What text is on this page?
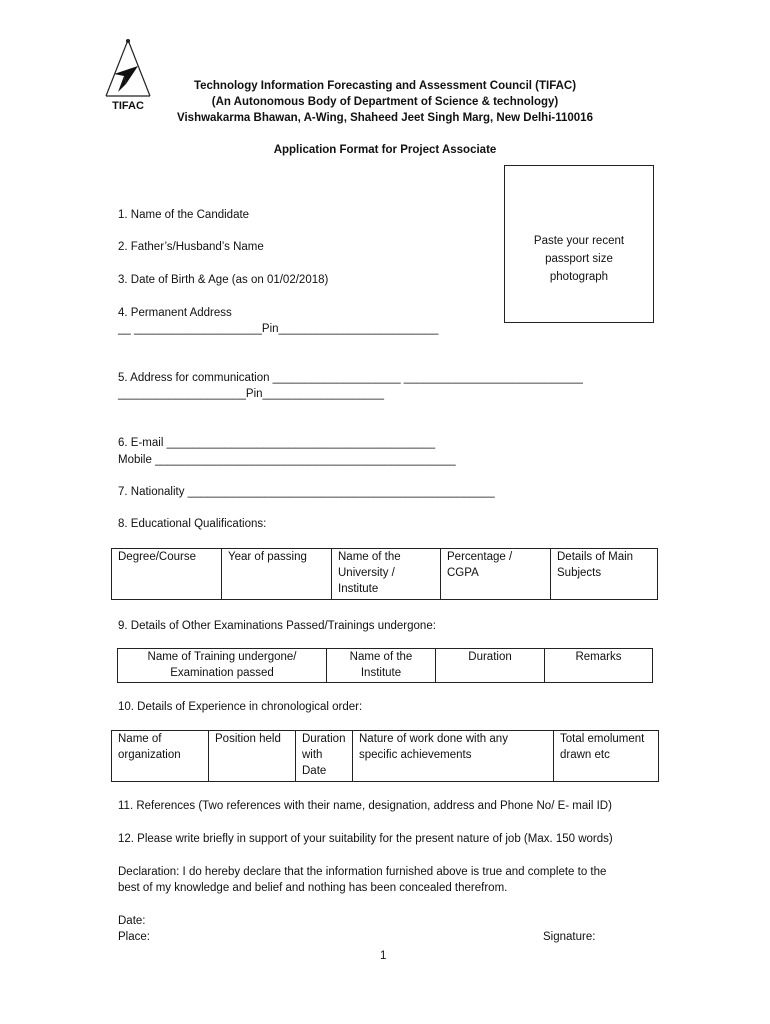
TIFAC
Technology Information Forecasting and Assessment Council (TIFAC)
(An Autonomous Body of Department of Science & technology)
Vishwakarma Bhawan, A-Wing, Shaheed Jeet Singh Marg, New Delhi-110016
Application Format for Project Associate
Paste your recent
passport size
photograph
1. Name of the Candidate
2. Father’s/Husband’s Name
3. Date of Birth & Age (as on 01/02/2018)
4. Permanent Address
__ ____________________Pin_________________________
5. Address for communication ____________________ ____________________________
____________________Pin___________________
6. E-mail __________________________________________
Mobile _______________________________________________
7. Nationality ________________________________________________
8. Educational Qualifications:
Degree/Course	Year of passing	Name of the University / Institute	Percentage / CGPA	Details of Main Subjects
9. Details of Other Examinations Passed/Trainings undergone:
Name of Training undergone/ Examination passed	Name of the Institute	Duration	Remarks
10. Details of Experience in chronological order:
Name of organization	Position held	Duration with Date	Nature of work done with any specific achievements	Total emolument drawn etc
11. References (Two references with their name, designation, address and Phone No/ E- mail ID)
12. Please write briefly in support of your suitability for the present nature of job (Max. 150 words)
Declaration: I do hereby declare that the information furnished above is true and complete to the
best of my knowledge and belief and nothing has been concealed therefrom.
Date:
Place:	Signature:
1
